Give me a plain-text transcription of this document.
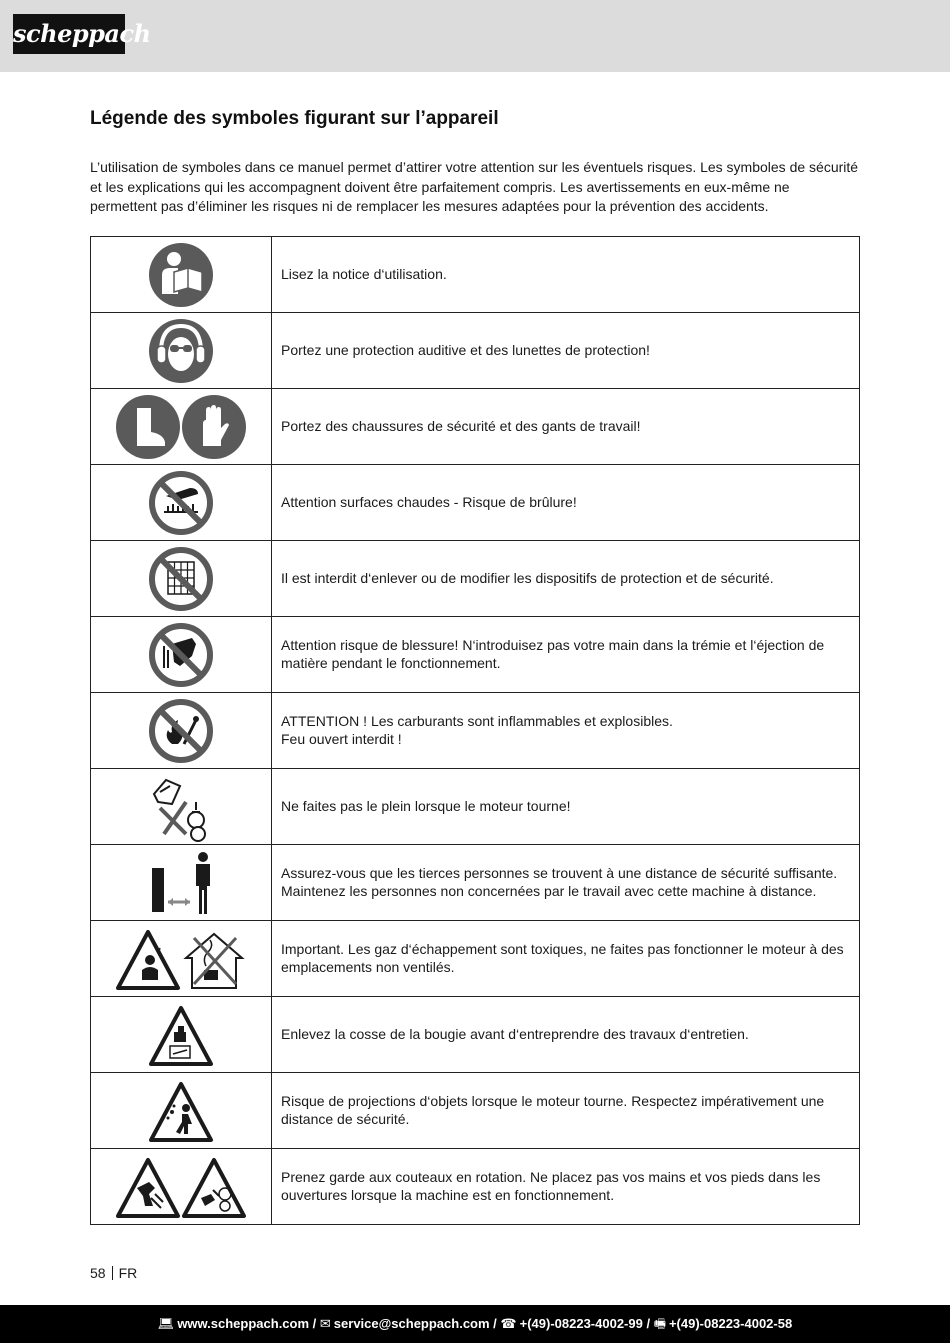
scheppach
Légende des symboles figurant sur l’appareil
L’utilisation de symboles dans ce manuel permet d’attirer votre attention sur les éventuels risques. Les symboles de sécurité et les explications qui les accompagnent doivent être parfaitement compris. Les avertissements en eux-même ne permettent pas d’éliminer les risques ni de remplacer les mesures adaptées pour la prévention des accidents.

Lisez la notice d‘utilisation.

Portez une protection auditive et des lunettes de protection!

Portez des chaussures de sécurité et des gants de travail!

Attention surfaces chaudes - Risque de brûlure!

Il est interdit d‘enlever ou de modifier les dispositifs de protection et de sécurité.

Attention risque de blessure! N‘introduisez pas votre main dans la trémie et l‘éjection de matière pendant le fonctionnement.

ATTENTION ! Les carburants sont inflammables et explosibles.
Feu ouvert interdit !

Ne faites pas le plein lorsque le moteur tourne!

Assurez-vous que les tierces personnes se trouvent à une distance de sécurité suffisante. Maintenez les personnes non concernées par le travail avec cette machine à distance.

Important. Les gaz d‘échappement sont toxiques, ne faites pas fonctionner le moteur à des emplacements non ventilés.

Enlevez la cosse de la bougie avant d‘entreprendre des travaux d‘entretien.

Risque de projections d‘objets lorsque le moteur tourne. Respectez impérativement une distance de sécurité.

Prenez garde aux couteaux en rotation. Ne placez pas vos mains et vos pieds dans les ouvertures lorsque la machine est en fonctionnement.
58 FR
💻︎ www.scheppach.com / ✉︎ service@scheppach.com / ☎ +(49)-08223-4002-99 / 🖷︎ +(49)-08223-4002-58
